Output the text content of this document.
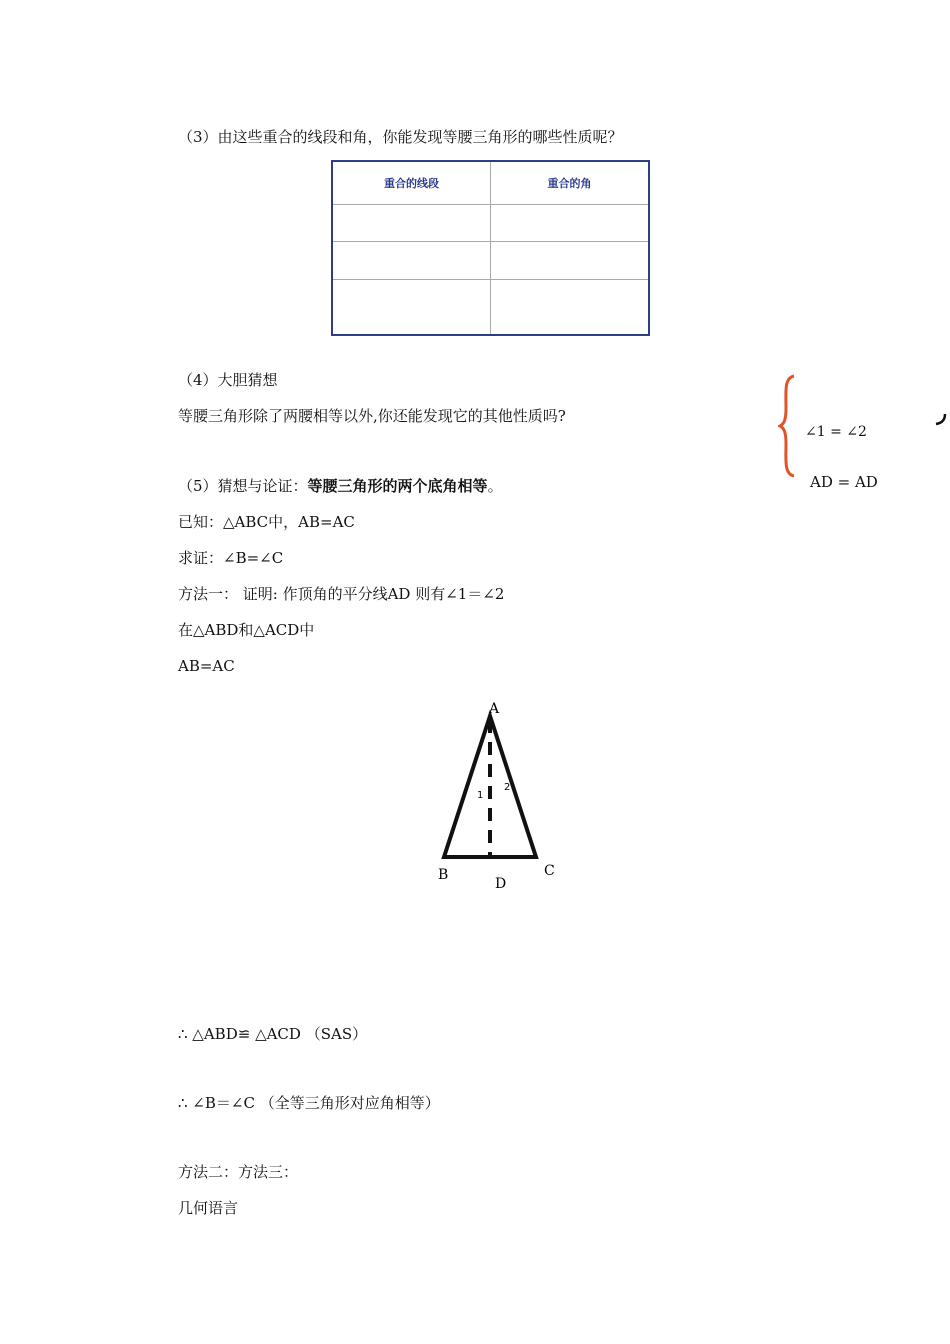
（3）由这些重合的线段和角，你能发现等腰三角形的哪些性质呢？
重合的线段	重合的角

（4）大胆猜想
等腰三角形除了两腰相等以外,你还能发现它的其他性质吗?
（5）猜想与论证：等腰三角形的两个底角相等。
已知：△ABC中，AB=AC
求证：∠B=∠C
方法一： 证明: 作顶角的平分线AD 则有∠1＝∠2
在△ABD和△ACD中
AB=AC
∠1 = ∠2
AD = AD
A
B	C
D
1
2
∴ △ABD≌ △ACD （SAS）
∴ ∠B＝∠C （全等三角形对应角相等）
方法二：方法三：
几何语言
